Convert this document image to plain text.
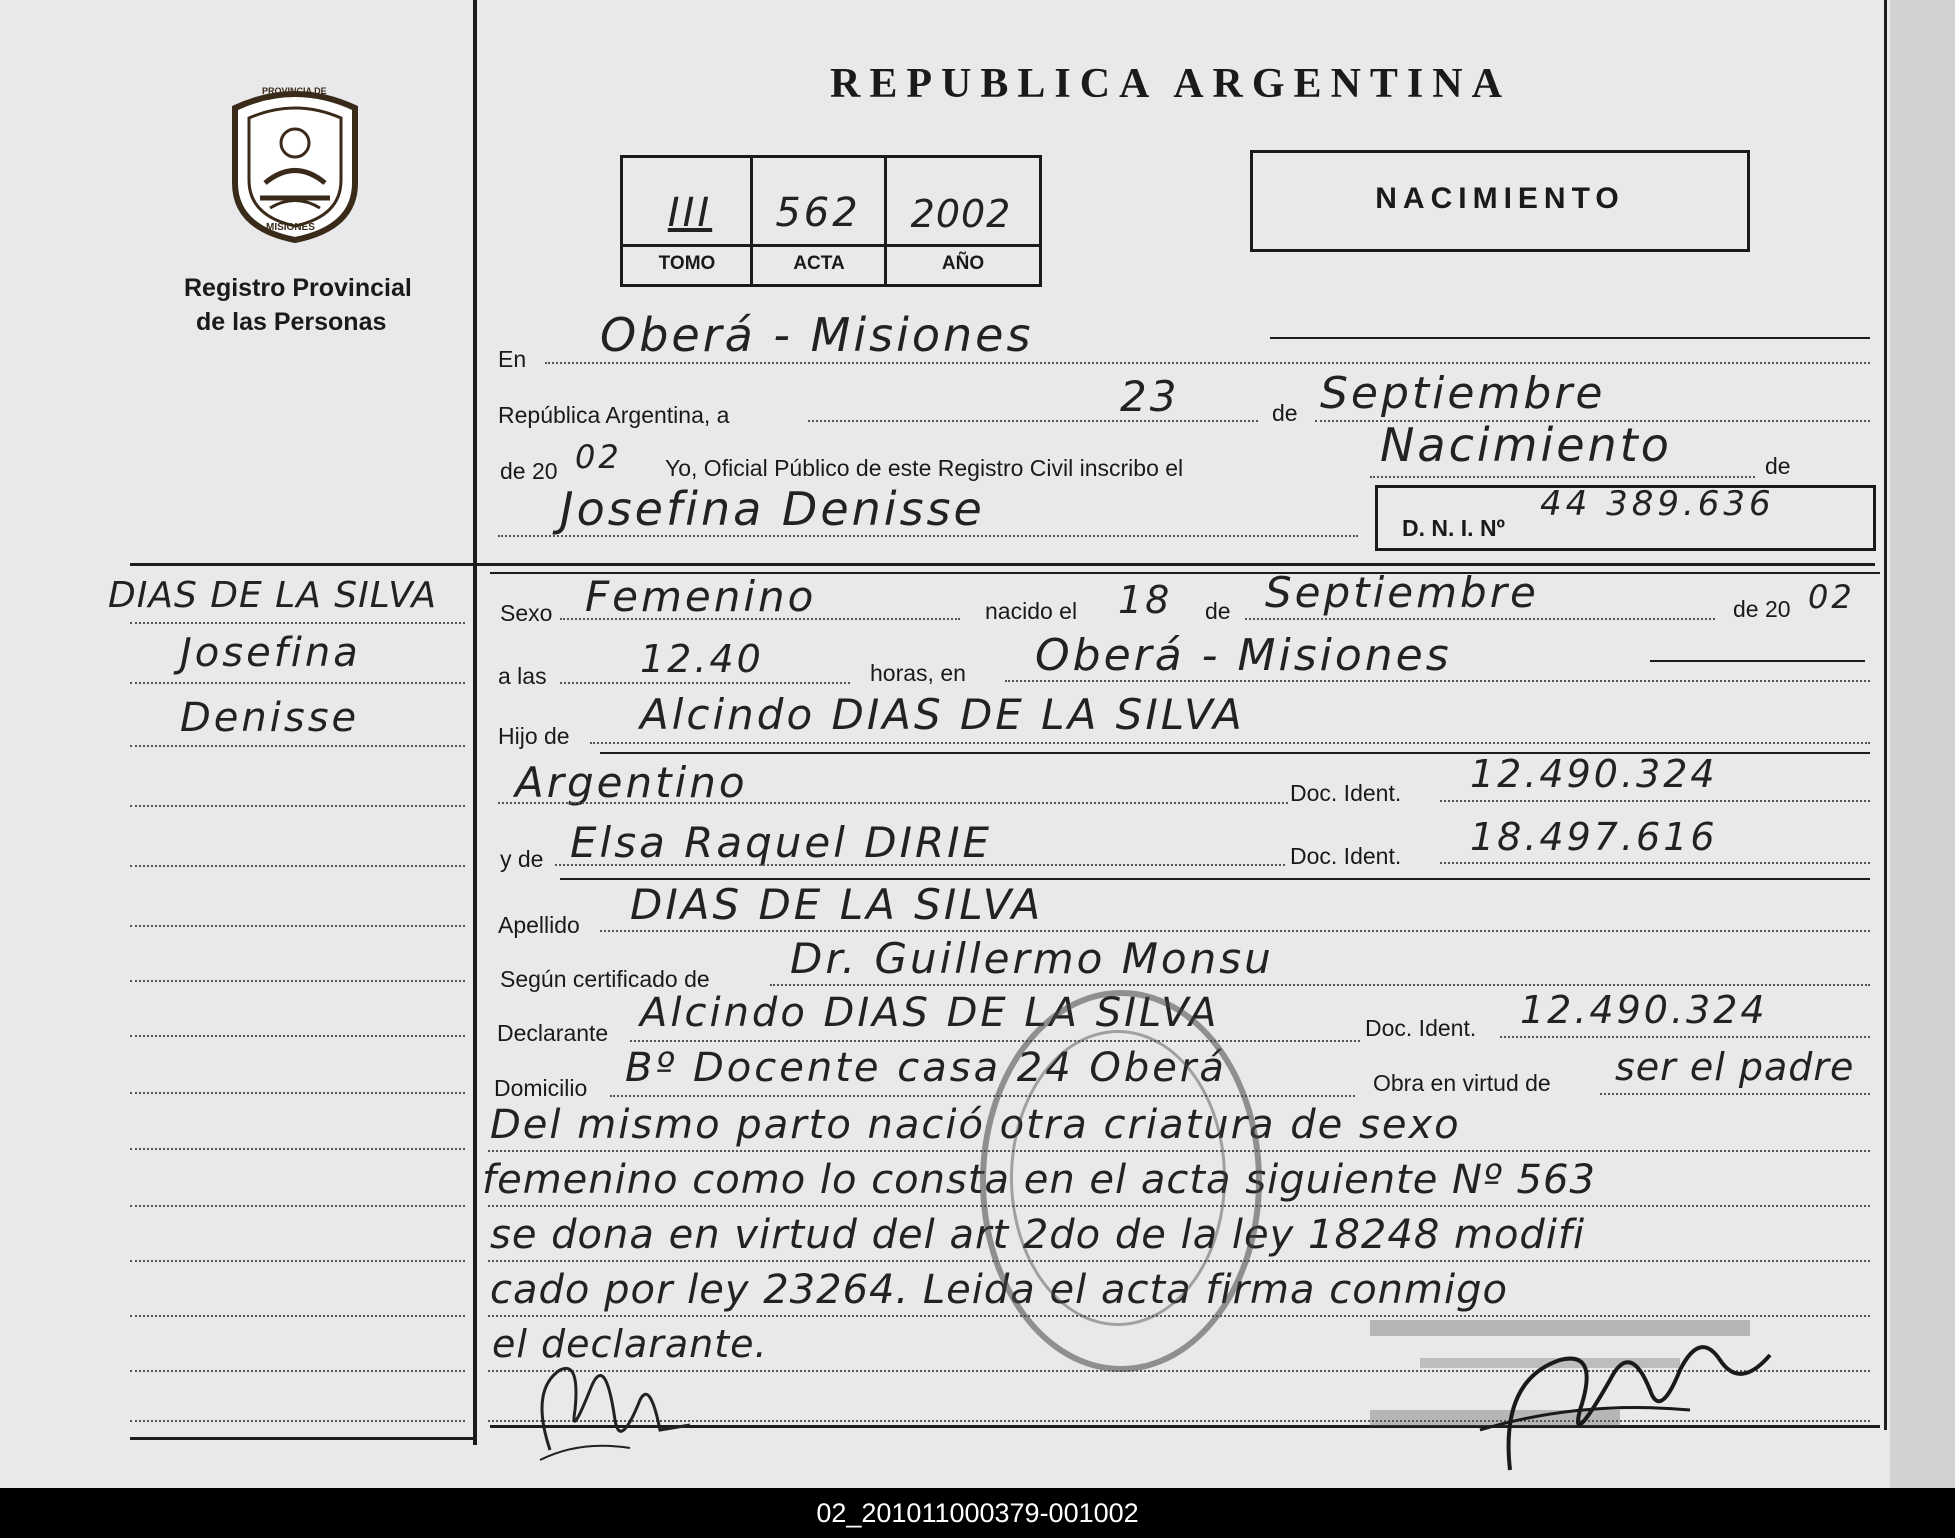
PROVINCIA DE
MISIONES
Registro Provincial
de las Personas
REPUBLICA ARGENTINA
III	562	2002
TOMO	ACTA	AÑO
NACIMIENTO
En Oberá - Misiones
República Argentina, a	23	de Septiembre
de 20 02 Yo, Oficial Público de este Registro Civil inscribo el	Nacimiento	de
Josefina Denisse	D. N. I. Nº
44 389.636
Sexo Femenino	nacido el 18 de Septiembre	de 20 02
a las 12.40	horas, en Oberá - Misiones
Hijo de Alcindo DIAS DE LA SILVA
Argentino	Doc. Ident. 12.490.324
y de Elsa Raquel DIRIE	Doc. Ident. 18.497.616
Apellido DIAS DE LA SILVA
Según certificado de Dr. Guillermo Monsu
Declarante Alcindo DIAS DE LA SILVA	Doc. Ident. 12.490.324
Domicilio Bº Docente casa 24 Oberá	Obra en virtud de ser el padre
Del mismo parto nació otra criatura de sexo
femenino como lo consta en el acta siguiente Nº 563
se dona en virtud del art 2do de la ley 18248 modifi
cado por ley 23264. Leida el acta firma conmigo
el declarante.
DIAS DE LA SILVA
Josefina
Denisse
02_201011000379-001002
